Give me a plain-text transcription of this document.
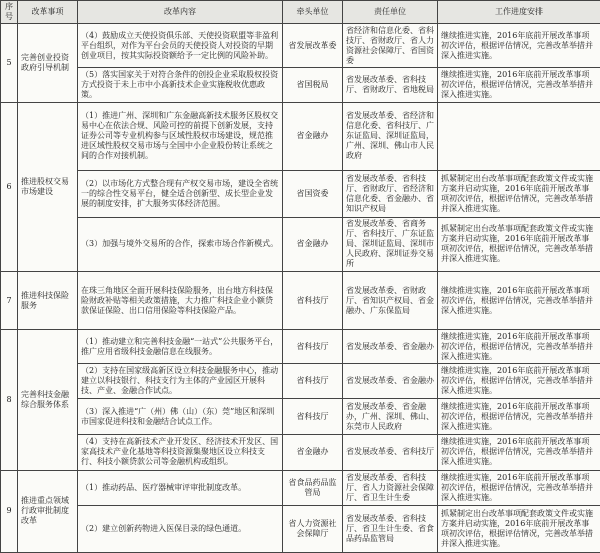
序号	改革事项	改革内容	牵头单位	责任单位	工作进度安排
5	完善创业投资政府引导机制	（4）鼓励成立天使投资俱乐部、天使投资联盟等非盈利平台组织，对作为平台会员的天使投资人对投资的早期创业项目，按其实际投资额给予一定比例的风险补助。	省发展改革委	省经济和信息化委、省科技厅、省财政厅、省人力资源社会保障厅、省国资委	继续推进实施，2016年底前开展改革事项初次评估，根据评估情况，完善改革举措并深入推进实施。
		（5）落实国家关于对符合条件的创投企业采取股权投资方式投资于未上市中小高新技术企业实施税收优惠政策。	省国税局	省发展改革委、省科技厅、省财政厅、省地税局	继续推进实施，2016年底前开展改革事项初次评估，根据评估情况，完善改革举措并深入推进实施。
6	推进股权交易市场建设	（1）推进广州、深圳和广东金融高新技术服务区股权交易中心在依法合规、风险可控的前提下创新发展，支持证券公司等专业机构参与区域性股权市场建设，规范推进区域性股权交易市场与全国中小企业股份转让系统之间的合作对接机制。	省金融办	省发展改革委、省经济和信息化委、省科技厅、广东证监局、深圳证监局，广州、深圳、佛山市人民政府	
		（2）以市场化方式整合现有产权交易市场，建设全省统一的综合性交易平台，健全适合创新型、成长型企业发展的制度安排，扩大服务实体经济范围。	省国资委	省发展改革委、省科技厅、省财政厅、省经济和信息化委、省金融办、省知识产权局	抓紧制定出台改革事项配套政策文件或实施方案并启动实施，2016年底前开展改革事项初次评估，根据评估情况，完善改革举措并深入推进实施。
		（3）加强与境外交易所的合作，探索市场合作新模式。	省金融办	省发展改革委、省商务厅、省科技厅、广东证监局、深圳证监局、深圳市人民政府、深圳证券交易所	抓紧制定出台改革事项配套政策文件或实施方案并启动实施，2016年底前开展改革事项初次评估，根据评估情况，完善改革举措并深入推进实施。
7	推进科技保险服务	在珠三角地区全面开展科技保险服务，出台地方科技保险财政补贴等相关政策措施，大力推广科技企业小额贷款保证保险、出口信用保险等科技保险产品。	省科技厅	省发展改革委、省财政厅、省知识产权局、省金融办、广东保监局	继续推进实施，2016年底前开展改革事项初次评估，根据评估情况，完善改革举措并深入推进实施。
8	完善科技金融综合服务体系	（1）推动建立和完善科技金融“一站式”公共服务平台，推广应用省级科技金融信息在线服务。	省科技厅	省发展改革委、省金融办	继续推进实施，2016年底前开展改革事项初次评估，根据评估情况，完善改革举措并深入推进实施。
		（2）支持在国家级高新区设立科技金融服务中心，推动建立以科技银行、科技支行为主体的产业园区开展科技、产业、金融合作试点。	省科技厅	省发展改革委、省金融办	继续推进实施，2016年底前开展改革事项初次评估，根据评估情况，完善改革举措并深入推进实施。
		（3）深入推进“广（州）佛（山）（东）莞”地区和深圳市国家促进科技和金融结合试点工作。	省科技厅	省发展改革委、省金融办，广州、深圳、佛山、东莞市人民政府	继续推进实施，2016年底前开展改革事项初次评估，根据评估情况，完善改革举措并深入推进实施。
		（4）支持在高新技术产业开发区、经济技术开发区、国家高技术产业化基地等科技资源集聚地区设立科技支行、科技小额贷款公司等金融机构或组织。	省金融办	省发展改革委、省科技厅	继续推进实施，2016年底前开展改革事项初次评估，根据评估情况，完善改革举措并深入推进实施。
9	推进重点领域行政审批制度改革	（1）推动药品、医疗器械审评审批制度改革。	省食品药品监管局	省发展改革委、省科技厅、省人力资源社会保障厅、省卫生计生委	继续推进实施，2016年底前开展改革事项初次评估，根据评估情况，完善改革举措并深入推进实施。
		（2）建立创新药物进入医保目录的绿色通道。	省人力资源社会保障厅	省发展改革委、省科技厅、省卫生计生委、省食品药品监管局	抓紧制定出台改革事项配套政策文件或实施方案并启动实施，2016年底前开展改革事项初次评估，根据评估情况，完善改革举措并深入推进实施。
